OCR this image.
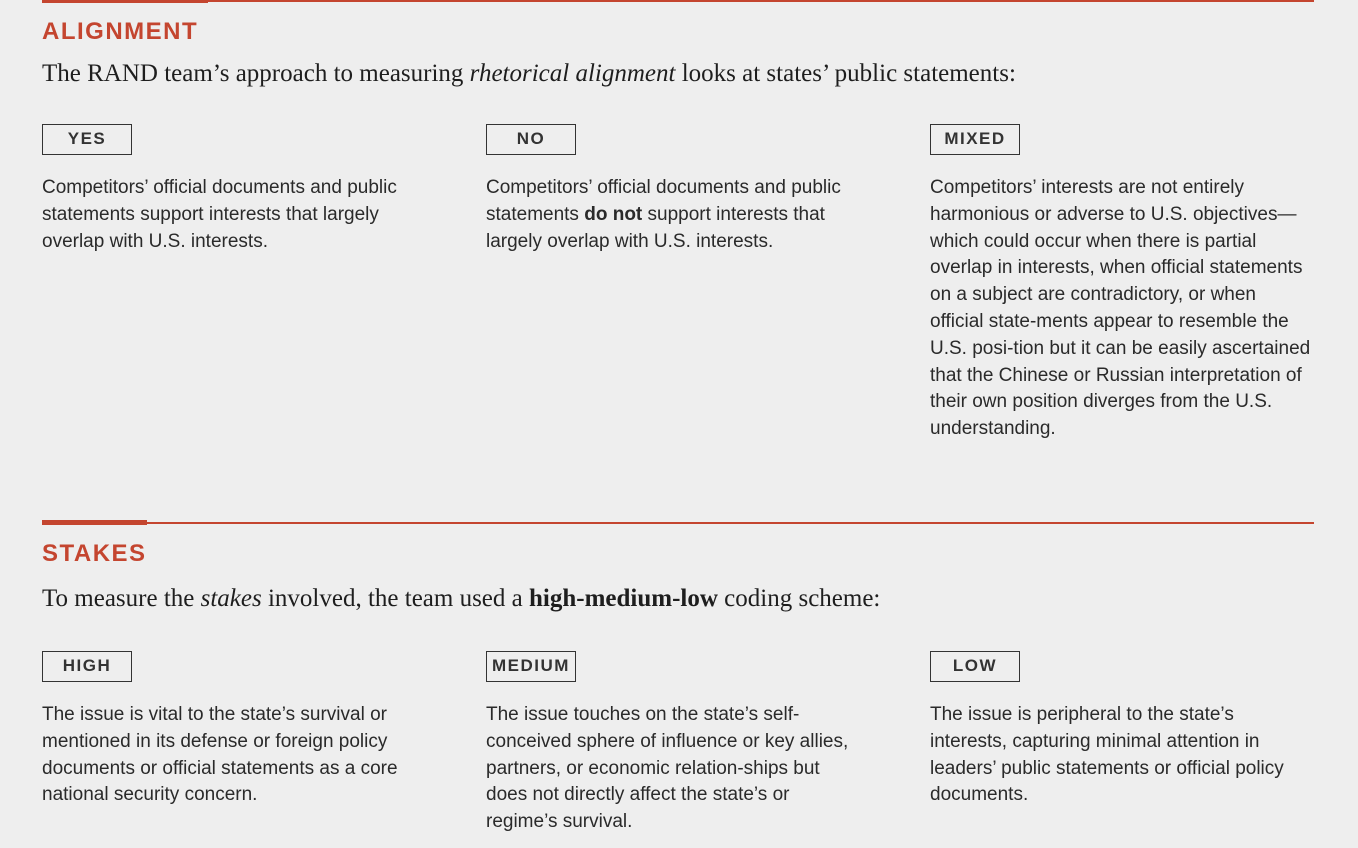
ALIGNMENT

The RAND team’s approach to measuring rhetorical alignment looks at states’ public statements:

YES

Competitors’ official documents and public statements support interests that largely overlap with U.S. interests.

NO

Competitors’ official documents and public statements do not support interests that largely overlap with U.S. interests.

MIXED

Competitors’ interests are not entirely harmonious or adverse to U.S. objectives—which could occur when there is partial overlap in interests, when official statements on a subject are contradictory, or when official state-ments appear to resemble the U.S. posi-tion but it can be easily ascertained that the Chinese or Russian interpretation of their own position diverges from the U.S. understanding.

STAKES

To measure the stakes involved, the team used a high-medium-low coding scheme:

HIGH

The issue is vital to the state’s survival or mentioned in its defense or foreign policy documents or official statements as a core national security concern.

MEDIUM

The issue touches on the state’s self-conceived sphere of influence or key allies, partners, or economic relation-ships but does not directly affect the state’s or regime’s survival.

LOW

The issue is peripheral to the state’s interests, capturing minimal attention in leaders’ public statements or official policy documents.
